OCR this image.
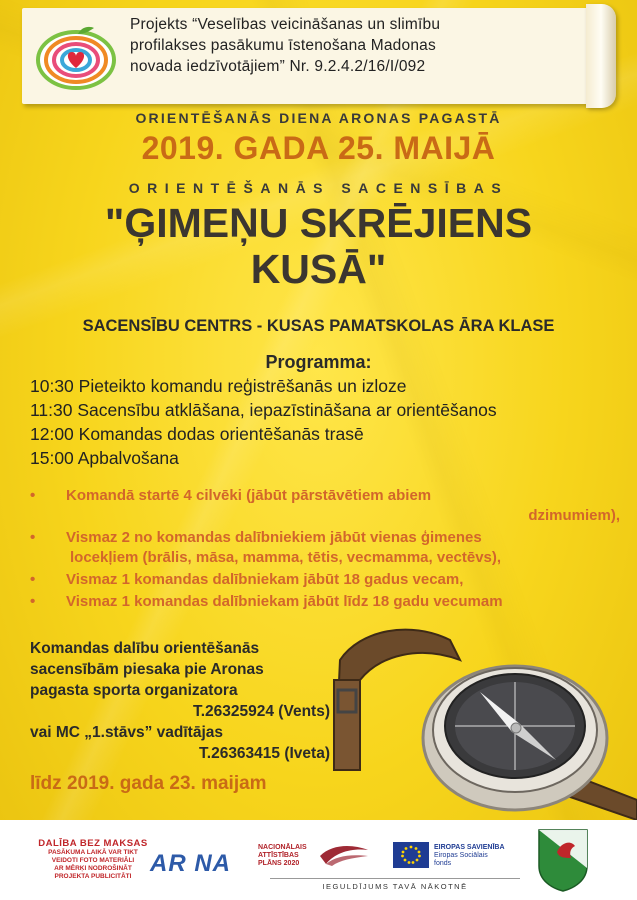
Projekts “Veselības veicināšanas un slimību
profilakses pasākumu īstenošana Madonas
novada iedzīvotājiem” Nr. 9.2.4.2/16/I/092
ORIENTĒŠANĀS DIENA ARONAS PAGASTĀ
2019. GADA 25. MAIJĀ
ORIENTĒŠANĀS SACENSĪBAS
"ĢIMEŅU SKRĒJIENS
KUSĀ"
SACENSĪBU CENTRS - KUSAS PAMATSKOLAS ĀRA KLASE
Programma:
10:30 Pieteikto komandu reģistrēšanās un izloze
11:30 Sacensību atklāšana, iepazīstināšana ar orientēšanos
12:00 Komandas dodas orientēšanās trasē
15:00 Apbalvošana
• Komandā startē 4 cilvēki (jābūt pārstāvētiem abiem
dzimumiem),
• Vismaz 2 no komandas dalībniekiem jābūt vienas ģimenes
locekļiem (brālis, māsa, mamma, tētis, vecmamma, vectēvs),
• Vismaz 1 komandas dalībniekam jābūt 18 gadus vecam,
• Vismaz 1 komandas dalībniekam jābūt līdz 18 gadu vecumam
Komandas dalību orientēšanās
sacensībām piesaka pie Aronas
pagasta sporta organizatora
T.26325924 (Vents)
vai MC „1.stāvs” vadītājas
T.26363415 (Iveta)
līdz 2019. gada 23. maijam
DALĪBA BEZ MAKSAS
PASĀKUMA LAIKĀ VAR TIKT
VEIDOTI FOTO MATERIĀLI
AR MĒRĶI NODROŠINĀT
PROJEKTA PUBLICITĀTI AR NA
NACIONĀLAIS
ATTĪSTĪBAS
PLĀNS 2020
EIROPAS SAVIENĪBA
Eiropas Sociālais
fonds
IEGULDĪJUMS TAVĀ NĀKOTNĒ
